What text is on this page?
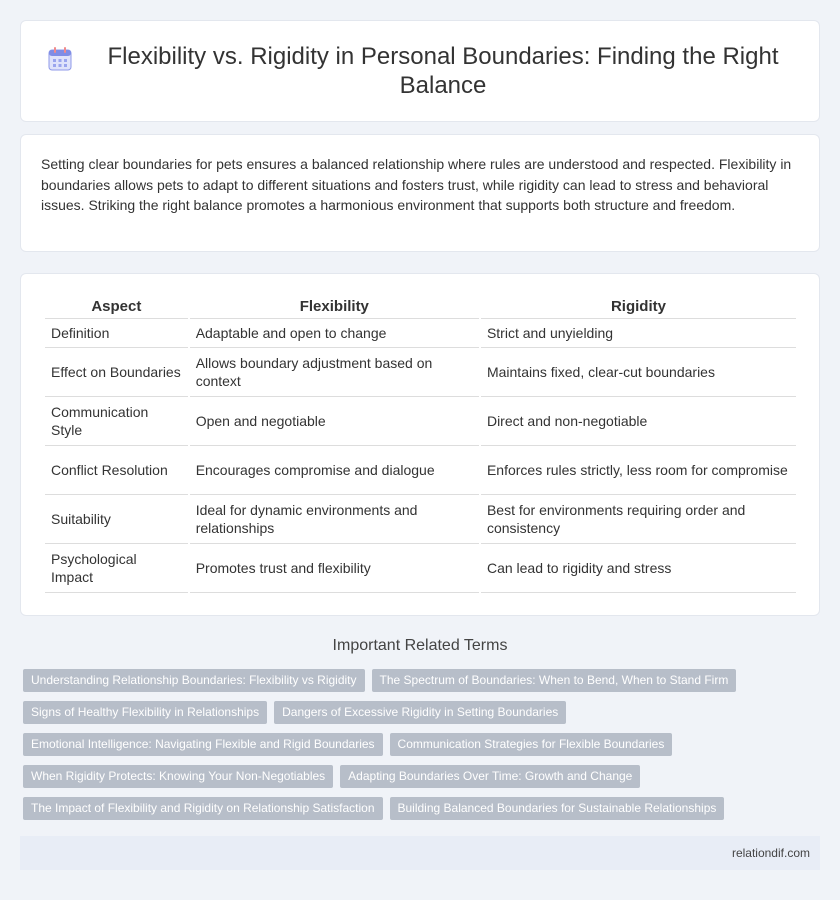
Flexibility vs. Rigidity in Personal Boundaries: Finding the Right Balance

Setting clear boundaries for pets ensures a balanced relationship where rules are understood and respected. Flexibility in boundaries allows pets to adapt to different situations and fosters trust, while rigidity can lead to stress and behavioral issues. Striking the right balance promotes a harmonious environment that supports both structure and freedom.

Aspect	Flexibility	Rigidity
Definition	Adaptable and open to change	Strict and unyielding
Effect on Boundaries	Allows boundary adjustment based on context	Maintains fixed, clear-cut boundaries
Communication Style	Open and negotiable	Direct and non-negotiable
Conflict Resolution	Encourages compromise and dialogue	Enforces rules strictly, less room for compromise
Suitability	Ideal for dynamic environments and relationships	Best for environments requiring order and consistency
Psychological Impact	Promotes trust and flexibility	Can lead to rigidity and stress
Important Related Terms
Understanding Relationship Boundaries: Flexibility vs Rigidity	The Spectrum of Boundaries: When to Bend, When to Stand Firm
Signs of Healthy Flexibility in Relationships	Dangers of Excessive Rigidity in Setting Boundaries
Emotional Intelligence: Navigating Flexible and Rigid Boundaries	Communication Strategies for Flexible Boundaries
When Rigidity Protects: Knowing Your Non-Negotiables	Adapting Boundaries Over Time: Growth and Change
The Impact of Flexibility and Rigidity on Relationship Satisfaction	Building Balanced Boundaries for Sustainable Relationships
relationdif.com
